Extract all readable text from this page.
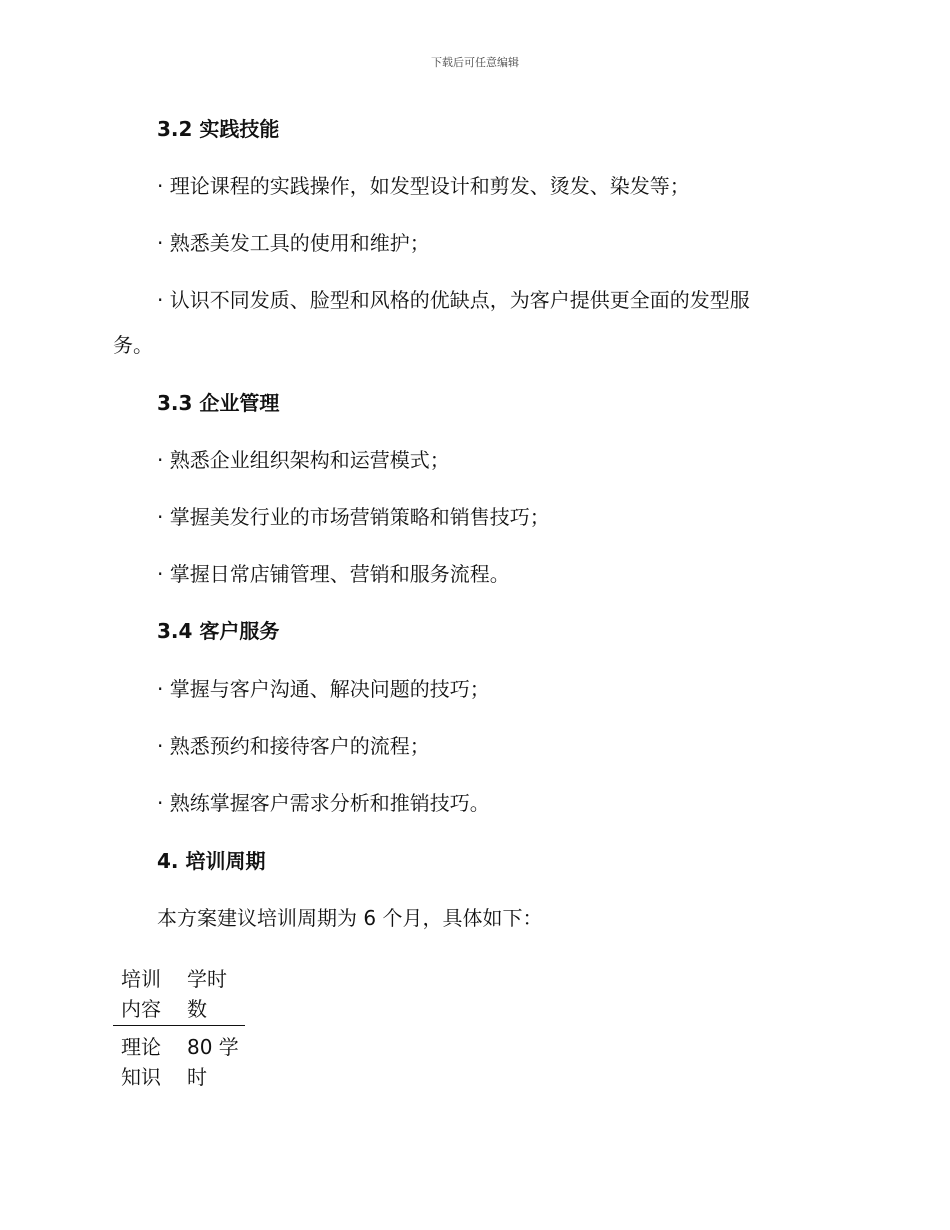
下载后可任意编辑
3.2 实践技能
· 理论课程的实践操作，如发型设计和剪发、烫发、染发等；
· 熟悉美发工具的使用和维护；
· 认识不同发质、脸型和风格的优缺点，为客户提供更全面的发型服
务。
3.3 企业管理
· 熟悉企业组织架构和运营模式；
· 掌握美发行业的市场营销策略和销售技巧；
· 掌握日常店铺管理、营销和服务流程。
3.4 客户服务
· 掌握与客户沟通、解决问题的技巧；
· 熟悉预约和接待客户的流程；
· 熟练掌握客户需求分析和推销技巧。
4. 培训周期
本方案建议培训周期为 6 个月，具体如下：
培训内容	学时数
理论知识	80 学时
